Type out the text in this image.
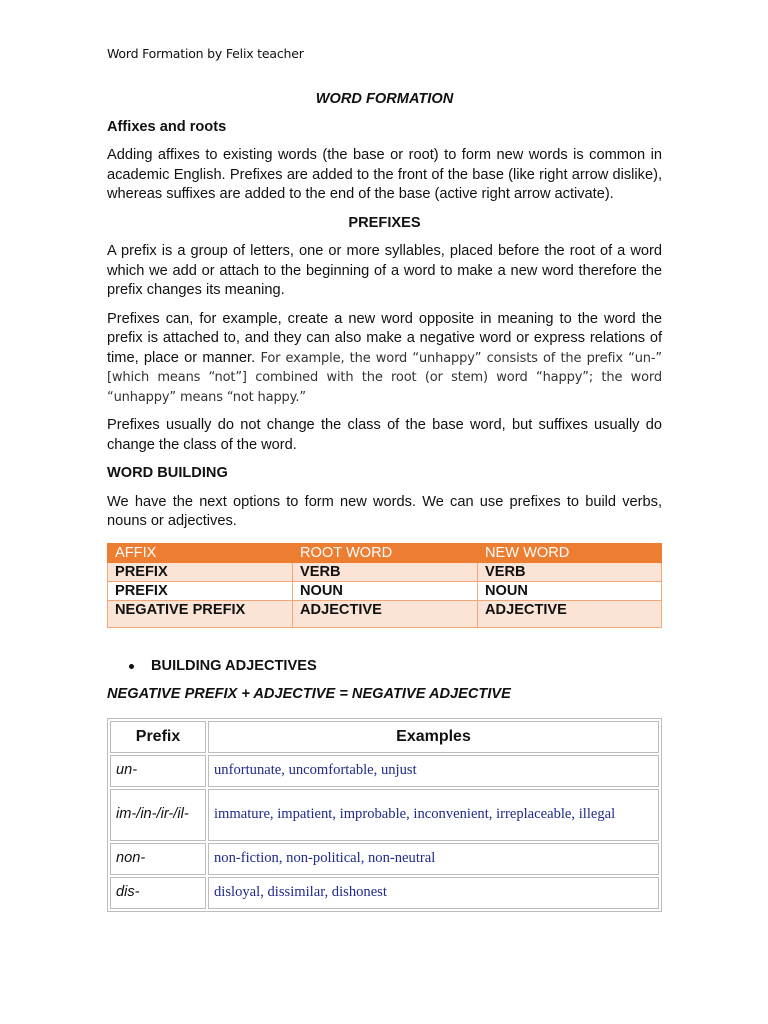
Word Formation by Felix teacher
WORD FORMATION
Affixes and roots

Adding affixes to existing words (the base or root) to form new words is common in academic English. Prefixes are added to the front of the base (like right arrow dislike), whereas suffixes are added to the end of the base (active right arrow activate).

PREFIXES

A prefix is a group of letters, one or more syllables, placed before the root of a word which we add or attach to the beginning of a word to make a new word therefore the prefix changes its meaning.

Prefixes can, for example, create a new word opposite in meaning to the word the prefix is attached to, and they can also make a negative word or express relations of time, place or manner. For example, the word “unhappy” consists of the prefix “un-” [which means “not”] combined with the root (or stem) word “happy”; the word “unhappy” means “not happy.”

Prefixes usually do not change the class of the base word, but suffixes usually do change the class of the word.

WORD BUILDING

We have the next options to form new words. We can use prefixes to build verbs, nouns or adjectives.

AFFIX	ROOT WORD	NEW WORD
PREFIX	VERB	VERB
PREFIX	NOUN	NOUN
NEGATIVE PREFIX	ADJECTIVE	ADJECTIVE
BUILDING ADJECTIVES
NEGATIVE PREFIX + ADJECTIVE = NEGATIVE ADJECTIVE
Prefix	Examples
un-	unfortunate, uncomfortable, unjust
im-/in-/ir-/il-	immature, impatient, improbable, inconvenient, irreplaceable, illegal
non-	non-fiction, non-political, non-neutral
dis-	disloyal, dissimilar, dishonest
